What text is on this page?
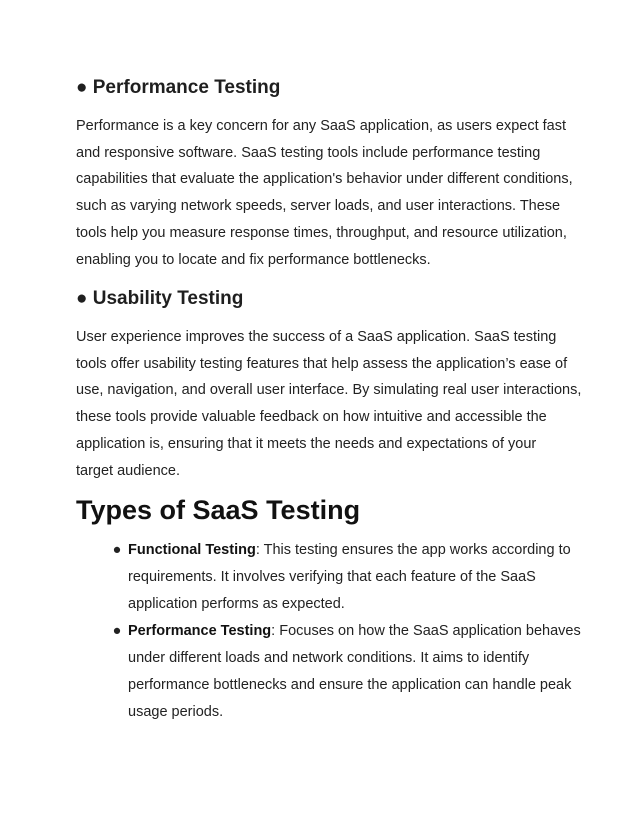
● Performance Testing
Performance is a key concern for any SaaS application, as users expect fast
and responsive software. SaaS testing tools include performance testing
capabilities that evaluate the application's behavior under different conditions,
such as varying network speeds, server loads, and user interactions. These
tools help you measure response times, throughput, and resource utilization,
enabling you to locate and fix performance bottlenecks.
● Usability Testing
User experience improves the success of a SaaS application. SaaS testing
tools offer usability testing features that help assess the application’s ease of
use, navigation, and overall user interface. By simulating real user interactions,
these tools provide valuable feedback on how intuitive and accessible the
application is, ensuring that it meets the needs and expectations of your
target audience.
Types of SaaS Testing
● Functional Testing: This testing ensures the app works according to
requirements. It involves verifying that each feature of the SaaS
application performs as expected.
● Performance Testing: Focuses on how the SaaS application behaves
under different loads and network conditions. It aims to identify
performance bottlenecks and ensure the application can handle peak
usage periods.
